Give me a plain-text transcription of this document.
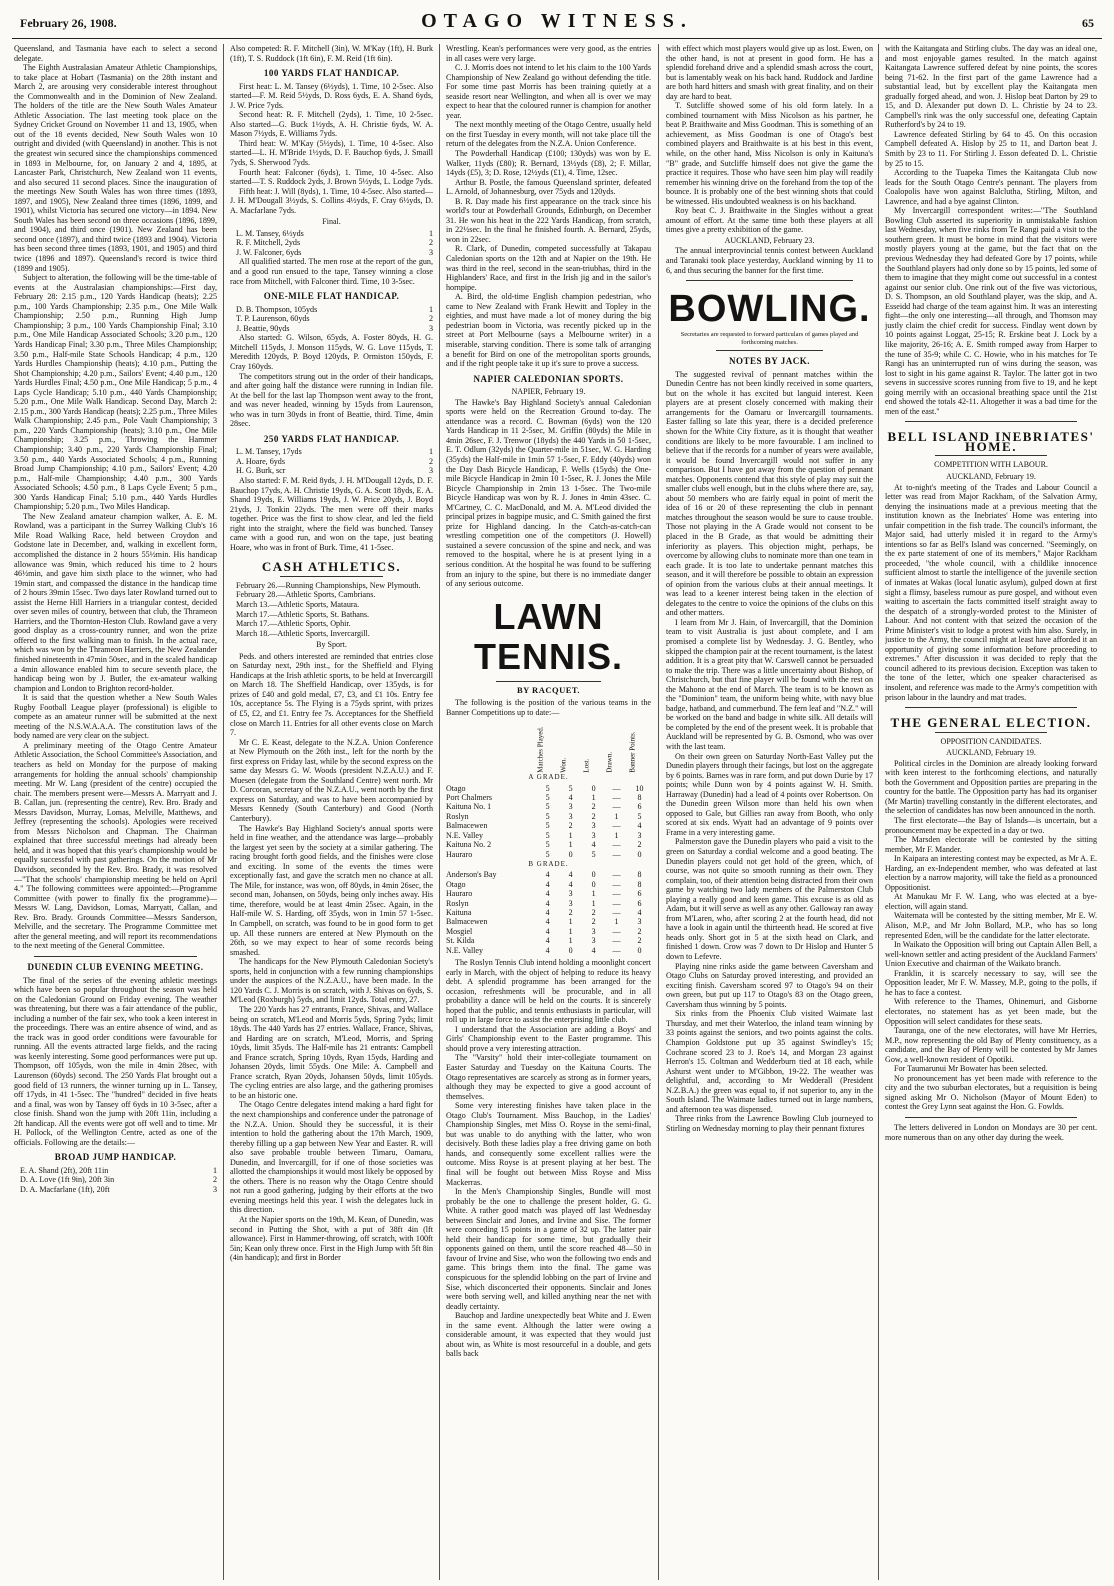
February 26, 1908.	OTAGO WITNESS.	65

Queensland, and Tasmania have each to select a second delegate.

The Eighth Australasian Amateur Athletic Championships, to take place at Hobart (Tasmania) on the 28th instant and March 2, are arousing very considerable interest throughout the Commonwealth and in the Dominion of New Zealand. The holders of the title are the New South Wales Amateur Athletic Association. The last meeting took place on the Sydney Cricket Ground on November 11 and 13, 1905, when out of the 18 events decided, New South Wales won 10 outright and divided (with Queensland) in another. This is not the greatest win secured since the championships commenced in 1893 in Melbourne, for, on January 2 and 4, 1895, at Lancaster Park, Christchurch, New Zealand won 11 events, and also secured 11 second places. Since the inauguration of the meetings New South Wales has won three times (1893, 1897, and 1905), New Zealand three times (1896, 1899, and 1901), whilst Victoria has secured one victory—in 1894. New South Wales has been second on three occasions (1896, 1899, and 1904), and third once (1901). New Zealand has been second once (1897), and third twice (1893 and 1904). Victoria has been second three times (1893, 1901, and 1905) and third twice (1896 and 1897). Queensland's record is twice third (1899 and 1905).

Subject to alteration, the following will be the time-table of events at the Australasian championships:—First day, February 28: 2.15 p.m., 120 Yards Handicap (heats); 2.25 p.m., 100 Yards Championship; 2.35 p.m., One Mile Walk Championship; 2.50 p.m., Running High Jump Championship; 3 p.m., 100 Yards Championship Final; 3.10 p.m., One Mile Handicap Associated Schools; 3.20 p.m., 120 Yards Handicap Final; 3.30 p.m., Three Miles Championship; 3.50 p.m., Half-mile State Schools Handicap; 4 p.m., 120 Yards Hurdles Championship (heats); 4.10 p.m., Putting the Shot Championship; 4.20 p.m., Sailors' Event; 4.40 p.m., 120 Yards Hurdles Final; 4.50 p.m., One Mile Handicap; 5 p.m., 4 Laps Cycle Handicap; 5.10 p.m., 440 Yards Championship; 5.20 p.m., One Mile Walk Handicap. Second Day, March 2: 2.15 p.m., 300 Yards Handicap (heats); 2.25 p.m., Three Miles Walk Championship; 2.45 p.m., Pole Vault Championship; 3 p.m., 220 Yards Championship (heats); 3.10 p.m., One Mile Championship; 3.25 p.m., Throwing the Hammer Championship; 3.40 p.m., 220 Yards Championship Final; 3.50 p.m., 440 Yards Associated Schools; 4 p.m., Running Broad Jump Championship; 4.10 p.m., Sailors' Event; 4.20 p.m., Half-mile Championship; 4.40 p.m., 300 Yards Associated Schools; 4.50 p.m., 8 Laps Cycle Event; 5 p.m., 300 Yards Handicap Final; 5.10 p.m., 440 Yards Hurdles Championship; 5.20 p.m., Two Miles Handicap.

The New Zealand amateur champion walker, A. E. M. Rowland, was a participant in the Surrey Walking Club's 16 Mile Road Walking Race, held between Croydon and Godstone late in December, and, walking in excellent form, accomplished the distance in 2 hours 55½min. His handicap allowance was 9min, which reduced his time to 2 hours 46½min, and gave him sixth place to the winner, who had 19min start, and compassed the distance in the handicap time of 2 hours 39min 15sec. Two days later Rowland turned out to assist the Herne Hill Harriers in a triangular contest, decided over seven miles of country, between that club, the Thrameon Harriers, and the Thornton-Heston Club. Rowland gave a very good display as a cross-country runner, and won the prize offered to the first walking man to finish. In the actual race, which was won by the Thrameon Harriers, the New Zealander finished nineteenth in 47min 50sec, and in the scaled handicap a 4min allowance enabled him to secure seventh place, the handicap being won by J. Butler, the ex-amateur walking champion and London to Brighton record-holder.

It is said that the question whether a New South Wales Rugby Football League player (professional) is eligible to compete as an amateur runner will be submitted at the next meeting of the N.S.W.A.A.A. The constitution laws of the body named are very clear on the subject.

A preliminary meeting of the Otago Centre Amateur Athletic Association, the School Committee's Association, and teachers as held on Monday for the purpose of making arrangements for holding the annual schools' championship meeting. Mr W. Lang (president of the centre) occupied the chair. The members present were—Messrs A. Marryatt and J. B. Callan, jun. (representing the centre), Rev. Bro. Brady and Messrs Davidson, Murray, Lomas, Melville, Matthews, and Jeffrey (representing the schools). Apologies were received from Messrs Nicholson and Chapman. The Chairman explained that three successful meetings had already been held, and it was hoped that this year's championship would be equally successful with past gatherings. On the motion of Mr Davidson, seconded by the Rev. Bro. Brady, it was resolved—"That the schools' championship meeting be held on April 4." The following committees were appointed:—Programme Committee (with power to finally fix the programme)—Messrs W. Lang, Davidson, Lomas, Marryatt, Callan, and Rev. Bro. Brady. Grounds Committee—Messrs Sanderson, Melville, and the secretary. The Programme Committee met after the general meeting, and will report its recommendations to the next meeting of the General Committee.

DUNEDIN CLUB EVENING MEETING.

The final of the series of the evening athletic meetings which have been so popular throughout the season was held on the Caledonian Ground on Friday evening. The weather was threatening, but there was a fair attendance of the public, including a number of the fair sex, who took a keen interest in the proceedings. There was an entire absence of wind, and as the track was in good order conditions were favourable for running. All the events attracted large fields, and the racing was keenly interesting. Some good performances were put up. Thompson, off 105yds, won the mile in 4min 28sec, with Laurenson (60yds) second. The 250 Yards Flat brought out a good field of 13 runners, the winner turning up in L. Tansey, off 17yds, in 41 1-5sec. The "hundred" decided in five heats and a final, was won by Tansey off 6yds in 10 3-5sec, after a close finish. Shand won the jump with 20ft 11in, including a 2ft handicap. All the events were got off well and to time. Mr H. Pollock, of the Wellington Centre, acted as one of the officials. Following are the details:—

BROAD JUMP HANDICAP.
E. A. Shand (2ft), 20ft 11in	1
D. A. Love (1ft 9in), 20ft 3in	2
D. A. Macfarlane (1ft), 20ft	3

Also competed: R. F. Mitchell (3in), W. M'Kay (1ft), H. Burk (1ft), T. S. Ruddock (1ft 6in), F. M. Reid (1ft 6in).

100 YARDS FLAT HANDICAP.

First heat: L. M. Tansey (6½yds), 1. Time, 10 2-5sec. Also started—F. M. Reid 5½yds, D. Ross 6yds, E. A. Shand 6yds, J. W. Price 7yds.

Second heat: R. F. Mitchell (2yds), 1. Time, 10 2-5sec. Also started—G. Buck 1½yds, A. H. Christie 6yds, W. A. Mason 7½yds, E. Williams 7yds.

Third heat: W. M'Kay (5½yds), 1. Time, 10 4-5sec. Also started—L. H. M'Bride 1½yds, D. F. Bauchop 6yds, J. Smaill 7yds, S. Sherwood 7yds.

Fourth heat: Falconer (6yds), 1. Time, 10 4-5sec. Also started—T. S. Ruddock 2yds, J. Brown 5½yds, L. Lodge 7yds.

Fifth heat: J. Will (8yds), 1. Time, 10 4-5sec. Also started—J. H. M'Dougall 3½yds, S. Collins 4½yds, F. Cray 6½yds, D. A. Macfarlane 7yds.

Final.
L. M. Tansey, 6½yds	1
R. F. Mitchell, 2yds	2
J. W. Falconer, 6yds	3

All qualified started. The men rose at the report of the gun, and a good run ensued to the tape, Tansey winning a close race from Mitchell, with Falconer third. Time, 10 3-5sec.

ONE-MILE FLAT HANDICAP.
D. B. Thompson, 105yds	1
T. P. Laurenson, 60yds	2
J. Beattie, 90yds	3

Also started: G. Wilson, 65yds, A. Foster 80yds, H. G. Mitchell 115yds, J. Monson 115yds, W. G. Love 115yds, T. Meredith 120yds, P. Boyd 120yds, P. Ormiston 150yds, F. Cray 160yds.

The competitors strung out in the order of their handicaps, and after going half the distance were running in Indian file. At the bell for the last lap Thompson went away to the front, and was never headed, winning by 15yds from Laurenson, who was in turn 30yds in front of Beattie, third. Time, 4min 28sec.

250 YARDS FLAT HANDICAP.
L. M. Tansey, 17yds	1
A. Hoare, 6yds	2
H. G. Burk, scr	3

Also started: F. M. Reid 8yds, J. H. M'Dougall 12yds, D. F. Bauchop 17yds, A. H. Christie 19yds, G. A. Scott 18yds, E. A. Shand 19yds, E. Williams 19yds, J. W. Price 20yds, J. Boyd 21yds, J. Tonkin 22yds. The men were off their marks together. Price was the first to show clear, and led the field right into the straight, where the field was bunched. Tansey came with a good run, and won on the tape, just beating Hoare, who was in front of Burk. Time, 41 1-5sec.

CASH ATHLETICS.
February 26.—Running Championships, New Plymouth.
February 28.—Athletic Sports, Cambrians.
March 13.—Athletic Sports, Mataura.
March 17.—Athletic Sports, St. Bathans.
March 17.—Athletic Sports, Ophir.
March 18.—Athletic Sports, Invercargill.
By Sport.

Peds. and others interested are reminded that entries close on Saturday next, 29th inst., for the Sheffield and Flying Handicaps at the Irish athletic sports, to be held at Invercargill on March 18. The Sheffield Handicap, over 135yds, is for prizes of £40 and gold medal, £7, £3, and £1 10s. Entry fee 10s, acceptance 5s. The Flying is a 75yds sprint, with prizes of £5, £2, and £1. Entry fee 7s. Acceptances for the Sheffield close on March 11. Entries for all other events close on March 7.

Mr C. E. Keast, delegate to the N.Z.A. Union Conference at New Plymouth on the 26th inst., left for the north by the first express on Friday last, while by the second express on the same day Messrs G. W. Woods (president N.Z.A.U.) and F. Muesen (delegate from the Southland Centre) went north. Mr D. Corcoran, secretary of the N.Z.A.U., went north by the first express on Saturday, and was to have been accompanied by Messrs Kennedy (South Canterbury) and Good (North Canterbury).

The Hawke's Bay Highland Society's annual sports were held in fine weather, and the attendance was large—probably the largest yet seen by the society at a similar gathering. The racing brought forth good fields, and the finishes were close and exciting. In some of the events the times were exceptionally fast, and gave the scratch men no chance at all. The Mile, for instance, was won, off 80yds, in 4min 26sec, the second man, Johansen, on 50yds, being only inches away. His time, therefore, would be at least 4min 25sec. Again, in the Half-mile W. S. Harding, off 35yds, won in 1min 57 1-5sec. In Campbell, on scratch, was found to be in good form to get up. All these runners are entered at New Plymouth on the 26th, so we may expect to hear of some records being smashed.

The handicaps for the New Plymouth Caledonian Society's sports, held in conjunction with a few running championships under the auspices of the N.Z.A.U., have been made. In the 120 Yards C. J. Morris is on scratch, with J. Shivas on 6yds, S. M'Leod (Roxburgh) 5yds, and limit 12yds. Total entry, 27.

The 220 Yards has 27 entrants, France, Shivas, and Wallace being on scratch, M'Leod and Morris 5yds, Spring 7yds; limit 18yds. The 440 Yards has 27 entries. Wallace, France, Shivas, and Harding are on scratch, M'Leod, Morris, and Spring 10yds, limit 35yds. The Half-mile has 21 entrants: Campbell and France scratch, Spring 10yds, Ryan 15yds, Harding and Johansen 20yds, limit 55yds. One Mile: A. Campbell and France scratch, Ryan 20yds, Johansen 50yds, limit 105yds. The cycling entries are also large, and the gathering promises to be an historic one.

The Otago Centre delegates intend making a hard fight for the next championships and conference under the patronage of the N.Z.A. Union. Should they be successful, it is their intention to hold the gathering about the 17th March, 1909, thereby filling up a gap between New Year and Easter. R. will also save probable trouble between Timaru, Oamaru, Dunedin, and Invercargill, for if one of those societies was allotted the championships it would most likely be opposed by the others. There is no reason why the Otago Centre should not run a good gathering, judging by their efforts at the two evening meetings held this year. I wish the delegates luck in this direction.

At the Napier sports on the 19th, M. Kean, of Dunedin, was second in Putting the Shot, with a put of 38ft 4in (lft allowance). First in Hammer-throwing, off scratch, with 100ft 5in; Kean only threw once. First in the High Jump with 5ft 8in (4in handicap); and first in Border

Wrestling. Kean's performances were very good, as the entries in all cases were very large.

C. J. Morris does not intend to let his claim to the 100 Yards Championship of New Zealand go without defending the title. For some time past Morris has been training quietly at a seaside resort near Wellington, and when all is over we may expect to hear that the coloured runner is champion for another year.

The next monthly meeting of the Otago Centre, usually held on the first Tuesday in every month, will not take place till the return of the delegates from the N.Z.A. Union Conference.

The Powderhall Handicap (£100; 130yds) was won by E. Walker, 11yds (£80); R. Bernard, 13½yds (£8), 2; F. Millar, 14yds (£5), 3; D. Rose, 12½yds (£1), 4. Time, 12sec.

Arthur B. Postle, the famous Queensland sprinter, defeated L. Arnold, of Johannesburg, over 75yds and 120yds.

B. R. Day made his first appearance on the track since his world's tour at Powderhall Grounds, Edinburgh, on December 31. He won his heat in the 222 Yards Handicap, from scratch, in 22½sec. In the final he finished fourth. A. Bernard, 25yds, won in 22sec.

R. Clark, of Dunedin, competed successfully at Takapau Caledonian sports on the 12th and at Napier on the 19th. He was third in the reel, second in the sean-triubhas, third in the Highlanders' Race, and first in the Irish jig and in the sailor's hornpipe.

A. Bird, the old-time English champion pedestrian, who came to New Zealand with Frank Hewitt and Topley in the eighties, and must have made a lot of money during the big pedestrian boom in Victoria, was recently picked up in the street at Port Melbourne (says a Melbourne writer) in a miserable, starving condition. There is some talk of arranging a benefit for Bird on one of the metropolitan sports grounds, and if the right people take it up it's sure to prove a success.

NAPIER CALEDONIAN SPORTS.
NAPIER, February 19.

The Hawke's Bay Highland Society's annual Caledonian sports were held on the Recreation Ground to-day. The attendance was a record. C. Bowman (6yds) won the 120 Yards Handicap in 11 2-5sec, M. Griffin (80yds) the Mile in 4min 26sec, F. J. Trenwor (18yds) the 440 Yards in 50 1-5sec, E. T. Odlum (32yds) the Quarter-mile in 51sec, W. G. Harding (35yds) the Half-mile in 1min 57 1-5sec, F. Eddy (40yds) won the Day Dash Bicycle Handicap, F. Wells (15yds) the One-mile Bicycle Handicap in 2min 10 1-5sec, R. J. Jones the Mile Bicycle Championship in 2min 13 1-5sec. The Two-mile Bicycle Handicap was won by R. J. Jones in 4min 43sec. C. M'Cartney, C. C. MacDonald, and M. A. M'Leod divided the principal prizes in bagpipe music, and C. Smith gained the first prize for Highland dancing. In the Catch-as-catch-can wrestling competition one of the competitors (J. Howell) sustained a severe concussion of the spine and neck, and was removed to the hospital, where he is at present lying in a serious condition. At the hospital he was found to be suffering from an injury to the spine, but there is no immediate danger of any serious outcome.

LAWN TENNIS.
BY RACQUET.

The following is the position of the various teams in the Banner Competitions up to date:—

	Matches Played.	Won.	Lost.	Drawn.	Banner Points.
A GRADE.					
Otago	5	5	0	—	10
Port Chalmers	5	4	1	—	8
Kaituna No. 1	5	3	2	—	6
Roslyn	5	3	2	1	5
Balmacewen	5	2	3	—	4
N.E. Valley	5	1	3	1	3
Kaituna No. 2	5	1	4	—	2
Hauraro	5	0	5	—	0
B GRADE.					
Anderson's Bay	4	4	0	—	8
Otago	4	4	0	—	8
Hauraro	4	3	1	—	6
Roslyn	4	3	1	—	6
Kaituna	4	2	2	—	4
Balmacewen	4	1	2	1	3
Mosgiel	4	1	3	—	2
St. Kilda	4	1	3	—	2
N.E. Valley	4	0	4	—	0

The Roslyn Tennis Club intend holding a moonlight concert early in March, with the object of helping to reduce its heavy debt. A splendid programme has been arranged for the occasion, refreshments will be procurable, and in all probability a dance will be held on the courts. It is sincerely hoped that the public, and tennis enthusiasts in particular, will roll up in large force to assist the enterprising little club.

I understand that the Association are adding a Boys' and Girls' Championship event to the Easter programme. This should prove a very interesting attraction.

The "Varsity" hold their inter-collegiate tournament on Easter Saturday and Tuesday on the Kaituna Courts. The Otago representatives are scarcely as strong as in former years, although they may be expected to give a good account of themselves.

Some very interesting finishes have taken place in the Otago Club's Tournament. Miss Bauchop, in the Ladies' Championship Singles, met Miss O. Royse in the semi-final, but was unable to do anything with the latter, who won decisively. Both these ladies play a free driving game on both hands, and consequently some excellent rallies were the outcome. Miss Royse is at present playing at her best. The final will be fought out between Miss Royse and Miss Mackerras.

In the Men's Championship Singles, Bundle will most probably be the one to challenge the present holder, G. G. White. A rather good match was played off last Wednesday between Sinclair and Jones, and Irvine and Sise. The former were conceding 15 points in a game of 32 up. The latter pair held their handicap for some time, but gradually their opponents gained on them, until the score reached 48—50 in favour of Irvine and Sise, who won the following two ends and game. This brings them into the final. The game was conspicuous for the splendid lobbing on the part of Irvine and Sise, which disconcerted their opponents. Sinclair and Jones were both serving well, and killed anything near the net with deadly certainty.

Bauchop and Jardine unexpectedly beat White and J. Ewen in the same event. Although the latter were owing a considerable amount, it was expected that they would just about win, as White is most resourceful in a double, and gets balls back

with effect which most players would give up as lost. Ewen, on the other hand, is not at present in good form. He has a splendid forehand drive and a splendid smash across the court, but is lamentably weak on his back hand. Ruddock and Jardine are both hard hitters and smash with great finality, and on their day are hard to beat.

T. Sutcliffe showed some of his old form lately. In a combined tournament with Miss Nicolson as his partner, he beat P. Braithwaite and Miss Goodman. This is something of an achievement, as Miss Goodman is one of Otago's best combined players and Braithwaite is at his best in this event, while, on the other hand, Miss Nicolson is only in Kaituna's "B" grade, and Sutcliffe himself does not give the game the practice it requires. Those who have seen him play will readily remember his winning drive on the forehand from the top of the bounce. It is probably one of the best winning shots that could be witnessed. His undoubted weakness is on his backhand.

Roy beat C. J. Braithwaite in the Singles without a great amount of effort. At the same time both these players at all times give a pretty exhibition of the game.

AUCKLAND, February 23.

The annual interprovincial tennis contest between Auckland and Taranaki took place yesterday, Auckland winning by 11 to 6, and thus securing the banner for the first time.

BOWLING.
Secretaries are requested to forward particulars of games played and forthcoming matches.
NOTES BY JACK.

The suggested revival of pennant matches within the Dunedin Centre has not been kindly received in some quarters, but on the whole it has excited but languid interest. Keen players are at present closely concerned with making their arrangements for the Oamaru or Invercargill tournaments. Easter falling so late this year, there is a decided preference shown for the White City fixture, as it is thought that weather conditions are likely to be more favourable. I am inclined to believe that if the records for a number of years were available, it would be found Invercargill would not suffer in any comparison. But I have got away from the question of pennant matches. Opponents contend that this style of play may suit the smaller clubs well enough, but in the clubs where there are, say, about 50 members who are fairly equal in point of merit the idea of 16 or 20 of these representing the club in pennant matches throughout the season would be sure to cause trouble. Those not playing in the A Grade would not consent to be placed in the B Grade, as that would be admitting their inferiority as players. This objection might, perhaps, be overcome by allowing clubs to nominate more than one team in each grade. It is too late to undertake pennant matches this season, and it will therefore be possible to obtain an expression of opinion from the various clubs at their annual meetings. It was lead to a keener interest being taken in the election of delegates to the centre to voice the opinions of the clubs on this and other matters.

I learn from Mr J. Hain, of Invercargill, that the Dominion team to visit Australia is just about complete, and I am promised a complete list by Wednesday. J. G. Bentley, who skipped the champion pair at the recent tournament, is the latest addition. It is a great pity that W. Carswell cannot be persuaded to make the trip. There was a little uncertainty about Bishop, of Christchurch, but that fine player will be found with the rest on the Mahono at the end of March. The team is to be known as the "Dominion" team, the uniform being white, with navy blue badge, hatband, and cummerbund. The fern leaf and "N.Z." will be worked on the band and badge in white silk. All details will be completed by the end of the present week. It is probable that Auckland will be represented by G. B. Osmond, who was over with the last team.

On their own green on Saturday North-East Valley put the Dunedin players through their facings, but lost on the aggregate by 6 points. Barnes was in rare form, and put down Durie by 17 points; while Dunn won by 4 points against W. H. Smith. Harraway (Dunedin) had a lead of 4 points over Robertson. On the Dunedin green Wilson more than held his own when opposed to Gale, but Gillies ran away from Booth, who only scored at six ends. Wyatt had an advantage of 9 points over Frame in a very interesting game.

Palmerston gave the Dunedin players who paid a visit to the green on Saturday a cordial welcome and a good beating. The Dunedin players could not get hold of the green, which, of course, was not quite so smooth running as their own. They complain, too, of their attention being distracted from their own game by watching two lady members of the Palmerston Club playing a really good and keen game. This excuse is as old as Adam, but it will serve as well as any other. Galloway ran away from M'Laren, who, after scoring 2 at the fourth head, did not have a look in again until the thirteenth head. He scored at five heads only. Short got in 5 at the sixth head on Clark, and finished 1 down. Crow was 7 down to Dr Hislop and Hunter 5 down to Lefevre.

Playing nine rinks aside the game between Caversham and Otago Clubs on Saturday proved interesting, and provided an exciting finish. Caversham scored 97 to Otago's 94 on their own green, but put up 117 to Otago's 83 on the Otago green, Caversham thus winning by 5 points.

Six rinks from the Phoenix Club visited Waimate last Thursday, and met their Waterloo, the inland team winning by 33 points against the seniors, and two points against the colts. Champion Goldstone put up 35 against Swindley's 15; Cochrane scored 23 to J. Roe's 14, and Morgan 23 against Herron's 15. Coltman and Wedderburn tied at 18 each, while Ashurst went under to M'Gibbon, 19-22. The weather was delightful, and, according to Mr Wedderall (President N.Z.B.A.) the green was equal to, if not superior to, any in the South Island. The Waimate ladies turned out in large numbers, and afternoon tea was dispensed.

Three rinks from the Lawrence Bowling Club journeyed to Stirling on Wednesday morning to play their pennant fixtures

with the Kaitangata and Stirling clubs. The day was an ideal one, and most enjoyable games resulted. In the match against Kaitangata Lawrence suffered defeat by nine points, the scores being 71-62. In the first part of the game Lawrence had a substantial lead, but by excellent play the Kaitangata men gradually forged ahead, and won. J. Hislop beat Darton by 29 to 15, and D. Alexander put down D. L. Christie by 24 to 23. Campbell's rink was the only successful one, defeating Captain Rutherford's by 24 to 19.

Lawrence defeated Stirling by 64 to 45. On this occasion Campbell defeated A. Hislop by 25 to 11, and Darton beat J. Smith by 23 to 11. For Stirling J. Esson defeated D. L. Christie by 25 to 15.

According to the Tuapeka Times the Kaitangata Club now leads for the South Otago Centre's pennant. The players from Coalopolis have won against Balclutha, Stirling, Milton, and Lawrence, and had a bye against Clinton.

My Invercargill correspondent writes:—"The Southland Bowling Club asserted its superiority in unmistakable fashion last Wednesday, when five rinks from Te Rangi paid a visit to the southern green. It must be borne in mind that the visitors were mostly players young at the game, but the fact that on the previous Wednesday they had defeated Gore by 17 points, while the Southland players had only done so by 15 points, led some of them to imagine that they might come out successful in a contest against our senior club. One rink out of the five was victorious, D. S. Thompson, an old Southland player, was the skip, and A. Esseidd had charge of the team against him. It was an interesting fight—the only one interesting—all through, and Thomson may justly claim the chief credit for success. Findlay went down by 10 points against Loggat, 25-15; R. Erskine beat J. Lock by a like majority, 26-16; A. E. Smith romped away from Harper to the tune of 35-9; while C. C. Howie, who in his matches for Te Rangi has an uninterrupted run of wins during the season, was lost to sight in his game against R. Taylor. The latter got in two sevens in successive scores running from five to 19, and he kept going merrily with an occasional breathing space until the 21st end showed the totals 42-11. Altogether it was a bad time for the men of the east."

BELL ISLAND INEBRIATES' HOME.
COMPETITION WITH LABOUR.
AUCKLAND, February 19.

At to-night's meeting of the Trades and Labour Council a letter was read from Major Rackham, of the Salvation Army, denying the insinuations made at a previous meeting that the institution known as the Inebriates' Home was entering into unfair competition in the fish trade. The council's informant, the Major said, had utterly misled it in regard to the Army's intentions so far as Bell's Island was concerned. "Seemingly, on the ex parte statement of one of its members," Major Rackham proceeded, "the whole council, with a childlike innocence sufficient almost to startle the intelligence of the juvenile section of inmates at Wakas (local lunatic asylum), gulped down at first sight a flimsy, baseless rumour as pure gospel, and without even waiting to ascertain the facts committed itself straight away to the despatch of a strongly-worded protest to the Minister of Labour. And not content with that seized the occasion of the Prime Minister's visit to lodge a protest with him also. Surely, in justice to the Army, the council might at least have afforded it an opportunity of giving some information before proceeding to extremes." After discussion it was decided to reply that the council adhered to its previous decision. Exception was taken to the tone of the letter, which one speaker characterised as insolent, and reference was made to the Army's competition with prison labour in the laundry and mat trades.

THE GENERAL ELECTION.
OPPOSITION CANDIDATES.
AUCKLAND, February 19.

Political circles in the Dominion are already looking forward with keen interest to the forthcoming elections, and naturally both the Government and Opposition parties are preparing in the country for the battle. The Opposition party has had its organiser (Mr Martin) travelling constantly in the different electorates, and the selection of candidates has now been announced in the north.

The first electorate—the Bay of Islands—is uncertain, but a pronouncement may be expected in a day or two.

The Marsden electorate will be contested by the sitting member, Mr F. Mander.

In Kaipara an interesting contest may be expected, as Mr A. E. Harding, an ex-Independent member, who was defeated at last election by a narrow majority, will take the field as a pronounced Oppositionist.

At Manukau Mr F. W. Lang, who was elected at a bye-election, will again stand.

Waitemata will be contested by the sitting member, Mr E. W. Alison, M.P., and Mr John Bollard, M.P., who has so long represented Eden, will be the candidate for the latter electorate.

In Waikato the Opposition will bring out Captain Allen Bell, a well-known settler and acting president of the Auckland Farmers' Union Executive and chairman of the Waikato branch.

Franklin, it is scarcely necessary to say, will see the Opposition leader, Mr F. W. Massey, M.P., going to the polls, if he has to face a contest.

With reference to the Thames, Ohinemuri, and Gisborne electorates, no statement has as yet been made, but the Opposition will select candidates for these seats.

Tauranga, one of the new electorates, will have Mr Herries, M.P., now representing the old Bay of Plenty constituency, as a candidate, and the Bay of Plenty will be contested by Mr James Gow, a well-known resident of Opotiki.

For Taumarunui Mr Bowater has been selected.

No pronouncement has yet been made with reference to the city and the two suburban electorates, but a requisition is being signed asking Mr O. Nicholson (Mayor of Mount Eden) to contest the Grey Lynn seat against the Hon. G. Fowlds.

The letters delivered in London on Mondays are 30 per cent. more numerous than on any other day during the week.
